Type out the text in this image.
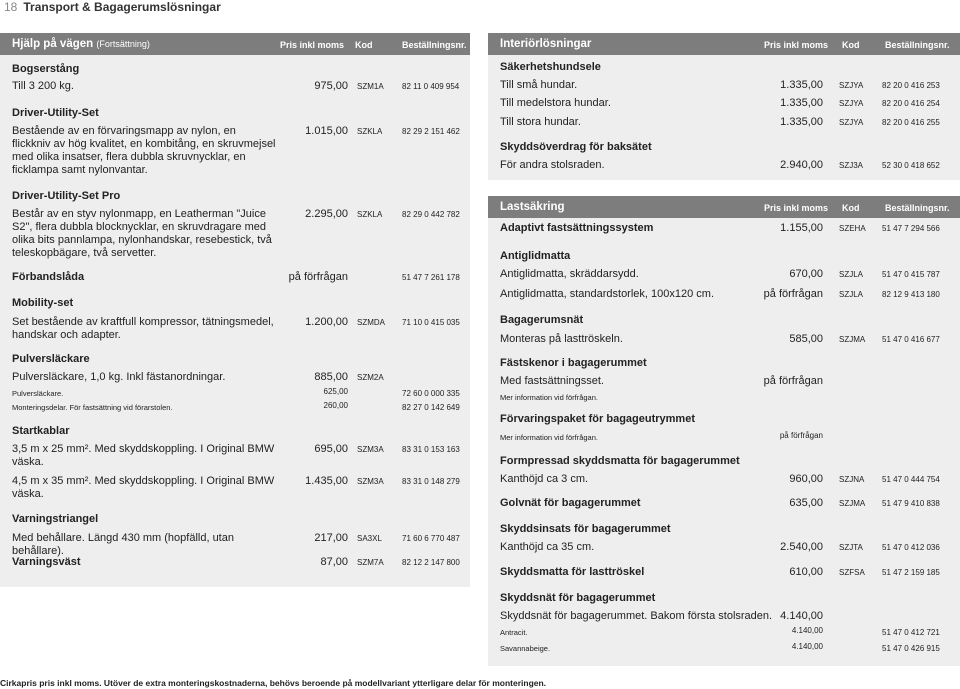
18 Transport & Bagagerumslösningar
Hjälp på vägen (Fortsättning)	Pris inkl moms Kod	Beställningsnr.
Bogserstång
Till 3 200 kg.	975,00 SZM1A 82 11 0 409 954
Driver-Utility-Set
Bestående av en förvaringsmapp av nylon, en flickkniv av hög kvalitet, en kombitång, en skruvmejsel med olika insatser, flera dubbla skruvnycklar, en ficklampa samt nylonvantar.
1.015,00 SZKLA 82 29 2 151 462
Driver-Utility-Set Pro
Består av en styv nylonmapp, en Leatherman "Juice S2", flera dubbla blocknycklar, en skruvdragare med olika bits pannlampa, nylonhandskar, resebestick, två teleskopbägare, två servetter.
2.295,00 SZKLA 82 29 0 442 782
Förbandslåda	på förfrågan	51 47 7 261 178
Mobility-set
Set bestående av kraftfull kompressor, tätningsmedel, handskar och adapter.
1.200,00 SZMDA 71 10 0 415 035
Pulversläckare
Pulversläckare, 1,0 kg. Inkl fästanordningar.	885,00 SZM2A
Pulversläckare.	625,00	72 60 0 000 335
Monteringsdelar. För fastsättning vid förarstolen.	260,00	82 27 0 142 649
Startkablar
3,5 m x 25 mm². Med skyddskoppling. I Original BMW väska.
695,00 SZM3A 83 31 0 153 163
4,5 m x 35 mm². Med skyddskoppling. I Original BMW väska.
1.435,00 SZM3A 83 31 0 148 279
Varningstriangel
Med behållare. Längd 430 mm (hopfälld, utan behållare).
217,00 SA3XL	71 60 6 770 487
Varningsväst	87,00 SZM7A 82 12 2 147 800
Interiörlösningar	Pris inkl moms Kod	Beställningsnr.
Säkerhetshundsele
Till små hundar.	1.335,00 SZJYA 82 20 0 416 253
Till medelstora hundar.	1.335,00 SZJYA 82 20 0 416 254
Till stora hundar.	1.335,00 SZJYA 82 20 0 416 255
Skyddsöverdrag för baksätet
För andra stolsraden.	2.940,00 SZJ3A 52 30 0 418 652
Lastsäkring	Pris inkl moms Kod	Beställningsnr.
Adaptivt fastsättningssystem	1.155,00 SZEHA 51 47 7 294 566
Antiglidmatta
Antiglidmatta, skräddarsydd.	670,00 SZJLA 51 47 0 415 787
Antiglidmatta, standardstorlek, 100x120 cm.	på förfrågan SZJLA 82 12 9 413 180
Bagagerumsnät
Monteras på lasttröskeln.	585,00 SZJMA 51 47 0 416 677
Fästskenor i bagagerummet
Med fastsättningsset.	på förfrågan
Mer information vid förfrågan.
Förvaringspaket för bagageutrymmet
Mer information vid förfrågan.	på förfrågan
Formpressad skyddsmatta för bagagerummet
Kanthöjd ca 3 cm.	960,00 SZJNA 51 47 0 444 754
Golvnät för bagagerummet	635,00 SZJMA 51 47 9 410 838
Skyddsinsats för bagagerummet
Kanthöjd ca 35 cm.	2.540,00 SZJTA 51 47 0 412 036
Skyddsmatta för lasttröskel	610,00 SZFSA 51 47 2 159 185
Skyddsnät för bagagerummet
Skyddsnät för bagagerummet. Bakom första stolsraden. 4.140,00
Antracit.	4.140,00	51 47 0 412 721
Savannabeige.	4.140,00	51 47 0 426 915
Cirkapris pris inkl moms. Utöver de extra monteringskostnaderna, behövs beroende på modellvariant ytterligare delar för monteringen.
